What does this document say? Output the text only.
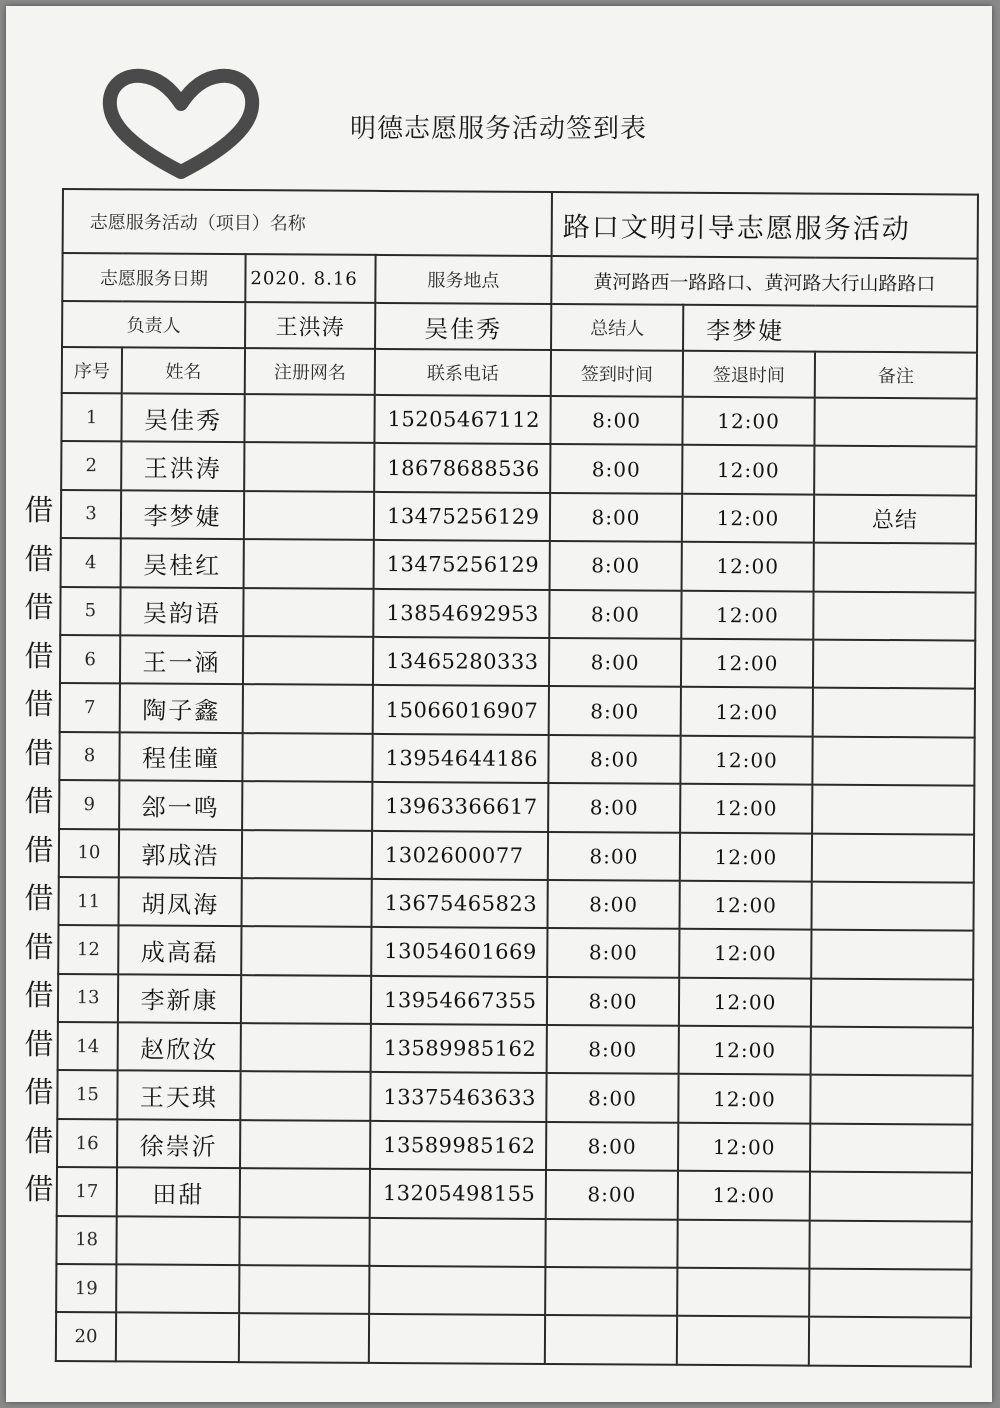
明德志愿服务活动签到表
借
借
借
借
借
借
借
借
借
借
借
借
借
借
借
志愿服务活动（项目）名称				路口文明引导志愿服务活动		
志愿服务日期		2020. 8.16	服务地点	黄河路西一路路口、黄河路大行山路路口		
负责人		王洪涛	吴佳秀	总结人	李梦婕	
序号	姓名	注册网名	联系电话	签到时间	签退时间	备注
1	吴佳秀		15205467112	8:00	12:00	
2	王洪涛		18678688536	8:00	12:00	
3	李梦婕		13475256129	8:00	12:00	总结
4	吴桂红		13475256129	8:00	12:00	
5	吴韵语		13854692953	8:00	12:00	
6	王一涵		13465280333	8:00	12:00	
7	陶子鑫		15066016907	8:00	12:00	
8	程佳曈		13954644186	8:00	12:00	
9	郐一鸣		13963366617	8:00	12:00	
10	郭成浩		1302600077	8:00	12:00	
11	胡凤海		13675465823	8:00	12:00	
12	成高磊		13054601669	8:00	12:00	
13	李新康		13954667355	8:00	12:00	
14	赵欣汝		13589985162	8:00	12:00	
15	王天琪		13375463633	8:00	12:00	
16	徐崇沂		13589985162	8:00	12:00	
17	田甜		13205498155	8:00	12:00	
18						
19						
20						
